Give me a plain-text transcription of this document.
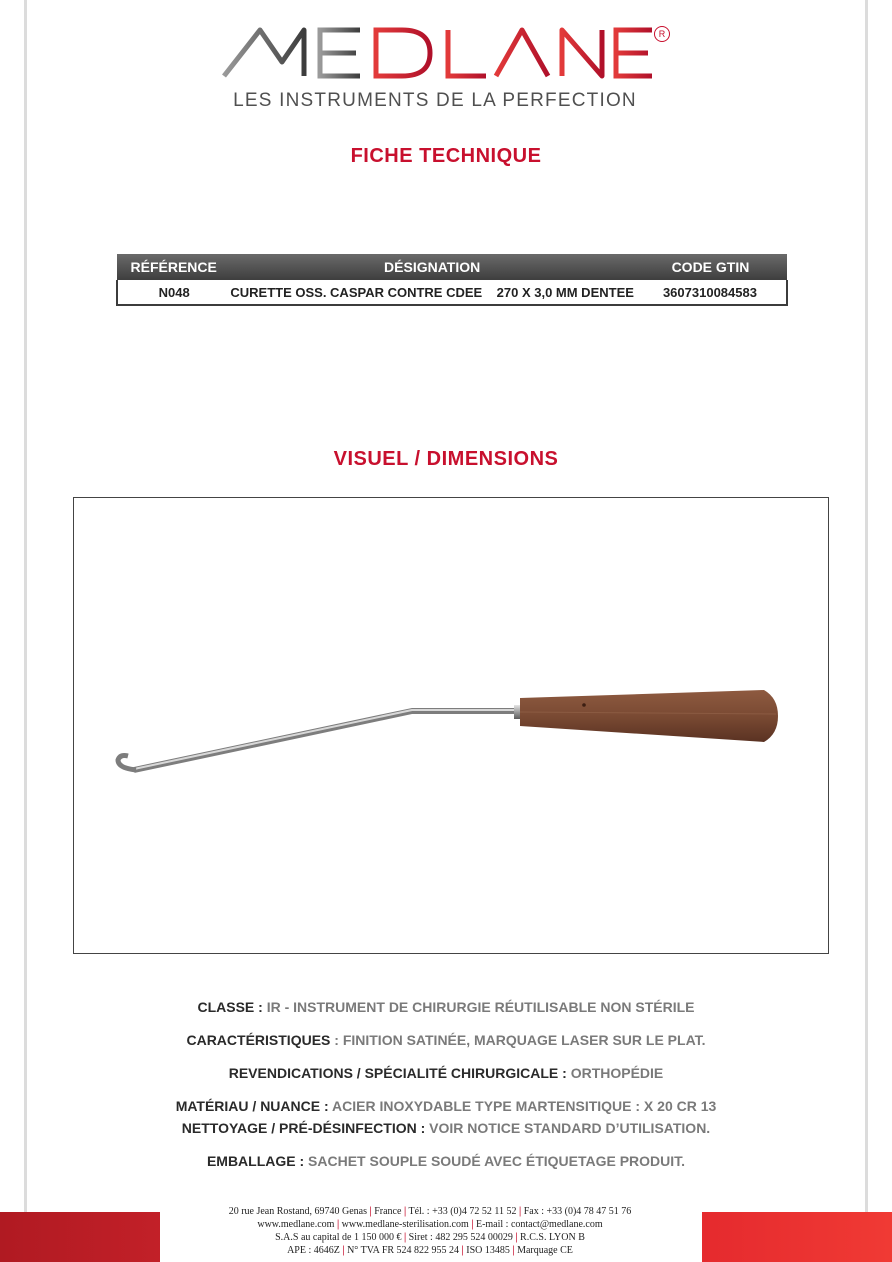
R
LES INSTRUMENTS DE LA PERFECTION
FICHE TECHNIQUE
RÉFÉRENCE	DÉSIGNATION	CODE GTIN
N048	CURETTE OSS. CASPAR CONTRE CDEE    270 X 3,0 MM DENTEE	3607310084583
VISUEL / DIMENSIONS
CLASSE : IR - INSTRUMENT DE CHIRURGIE RÉUTILISABLE NON STÉRILE
CARACTÉRISTIQUES : FINITION SATINÉE, MARQUAGE LASER SUR LE PLAT.
REVENDICATIONS / SPÉCIALITÉ CHIRURGICALE : ORTHOPÉDIE
MATÉRIAU / NUANCE : ACIER INOXYDABLE TYPE MARTENSITIQUE : X 20 CR 13
NETTOYAGE / PRÉ-DÉSINFECTION : VOIR NOTICE STANDARD D’UTILISATION.
EMBALLAGE : SACHET SOUPLE SOUDÉ AVEC ÉTIQUETAGE PRODUIT.
20 rue Jean Rostand, 69740 Genas | France | Tél. : +33 (0)4 72 52 11 52 | Fax : +33 (0)4 78 47 51 76
www.medlane.com | www.medlane-sterilisation.com | E-mail : contact@medlane.com
S.A.S au capital de 1 150 000 € | Siret : 482 295 524 00029 | R.C.S. LYON B
APE : 4646Z | N° TVA FR 524 822 955 24 | ISO 13485 | Marquage CE
